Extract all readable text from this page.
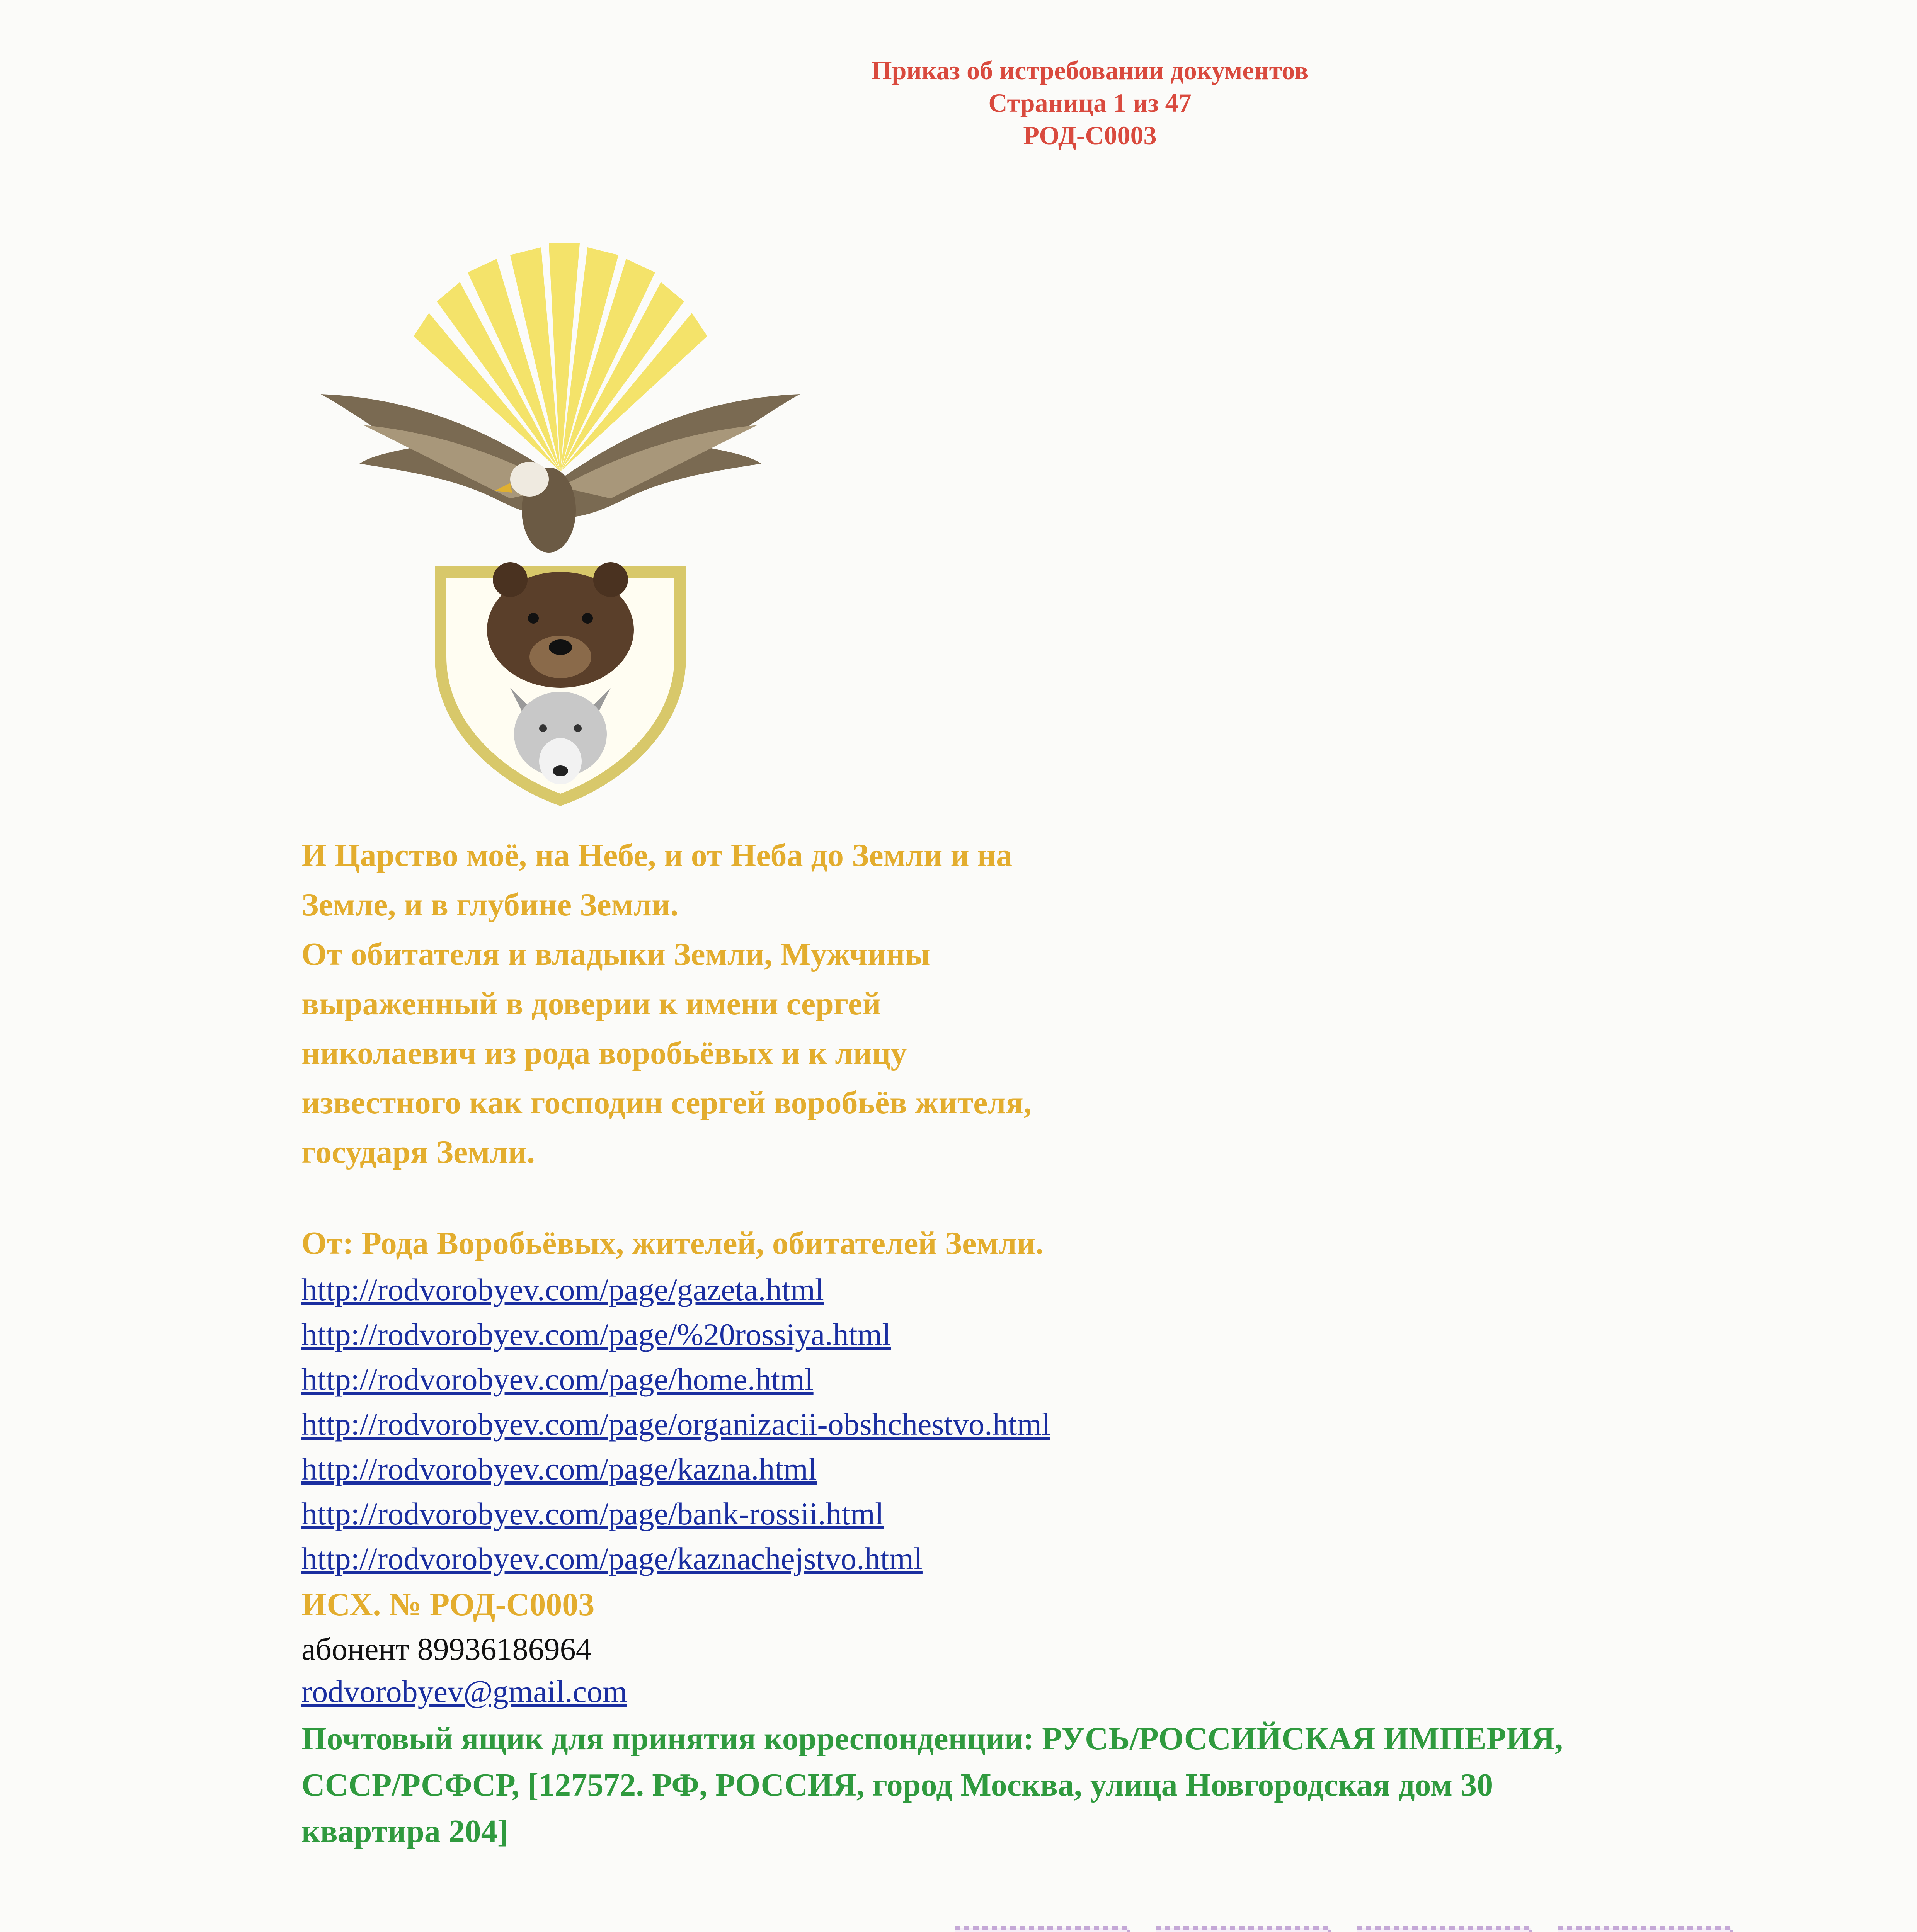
Приказ об истребовании документов
Страница 1 из 47
РОД-С0003
И Царство моё, на Небе, и от Неба до Земли и на
Земле, и в глубине Земли.
От обитателя и владыки Земли, Мужчины
выраженный в доверии к имени сергей
николаевич из рода воробьёвых и к лицу
известного как господин сергей воробьёв жителя,
государя Земли.
От: Рода Воробьёвых, жителей, обитателей Земли.
http://rodvorobyev.com/page/gazeta.html
http://rodvorobyev.com/page/%20rossiya.html
http://rodvorobyev.com/page/home.html
http://rodvorobyev.com/page/organizacii-obshchestvo.html
http://rodvorobyev.com/page/kazna.html
http://rodvorobyev.com/page/bank-rossii.html
http://rodvorobyev.com/page/kaznachejstvo.html
ИСХ. № РОД-С0003
абонент 89936186964
rodvorobyev@gmail.com
Почтовый ящик для принятия корреспонденции: РУСЬ/РОССИЙСКАЯ ИМПЕРИЯ,
СССР/РСФСР, [127572. РФ, РОССИЯ, город Москва, улица Новгородская дом 30
квартира 204]
